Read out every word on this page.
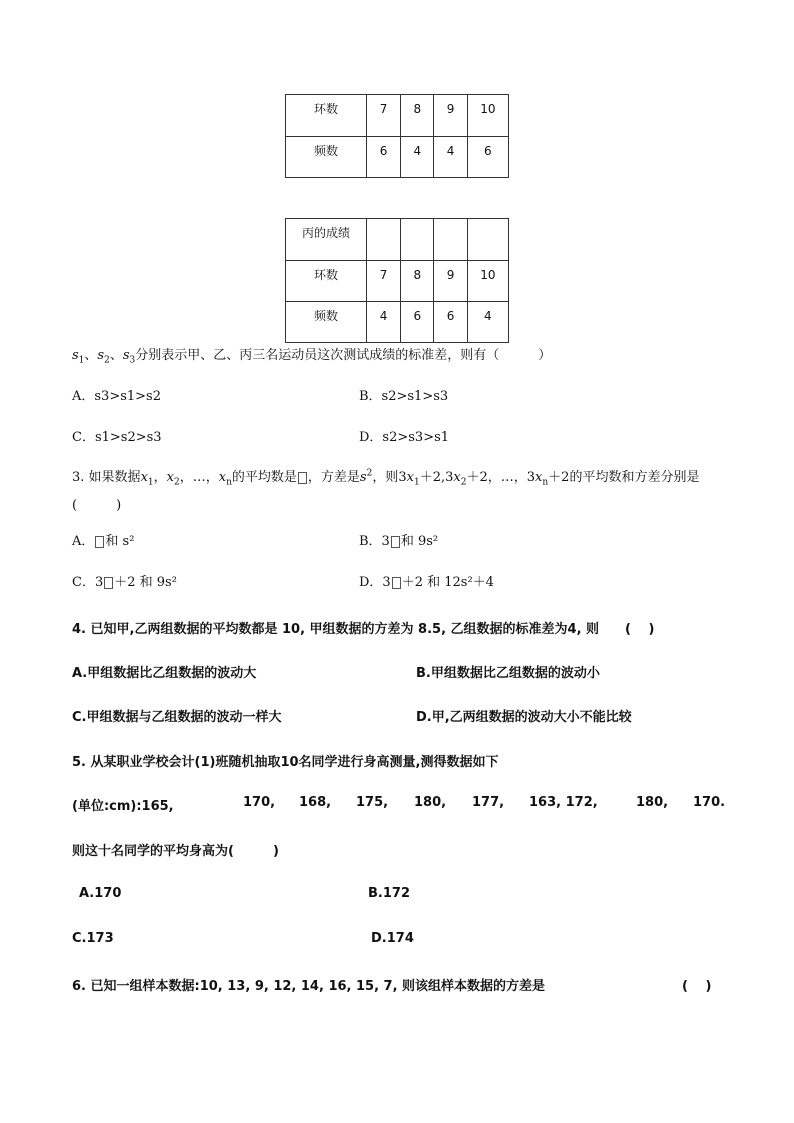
环数	7	8	9	10
频数	6	4	4	6
丙的成绩				
环数	7	8	9	10
频数	4	6	6	4
$s_1$、$s_2$、$s_3$分别表示甲、乙、丙三名运动员这次测试成绩的标准差，则有（　　　）
A．s3>s1>s2	B．s2>s1>s3
C．s1>s2>s3	D．s2>s3>s1
3. 如果数据$x_1$，$x_2$，…，$x_n$的平均数是 ，方差是$s^2$，则$3x_1+2,3x_2+2$，…，$3x_n+2$的平均数和方差分别是
(　　　)
A． 和 s²	B．3 和 9s²
C．3 ＋2 和 9s²	D．3 ＋2 和 12s²＋4
4. 已知甲,乙两组数据的平均数都是 10, 甲组数据的方差为 8.5, 乙组数据的标准差为4, 则　　(　 )
A.甲组数据比乙组数据的波动大	B.甲组数据比乙组数据的波动小
C.甲组数据与乙组数据的波动一样大	D.甲,乙两组数据的波动大小不能比较
5. 从某职业学校会计(1)班随机抽取10名同学进行身高测量,测得数据如下
(单位:cm):165,	170, 168, 175, 180, 177, 163, 172,	180, 170.
则这十名同学的平均身高为(　　　)
A.170	B.172
C.173	D.174
6. 已知一组样本数据:10, 13, 9, 12, 14, 16, 15, 7, 则该组样本数据的方差是	(　 )
